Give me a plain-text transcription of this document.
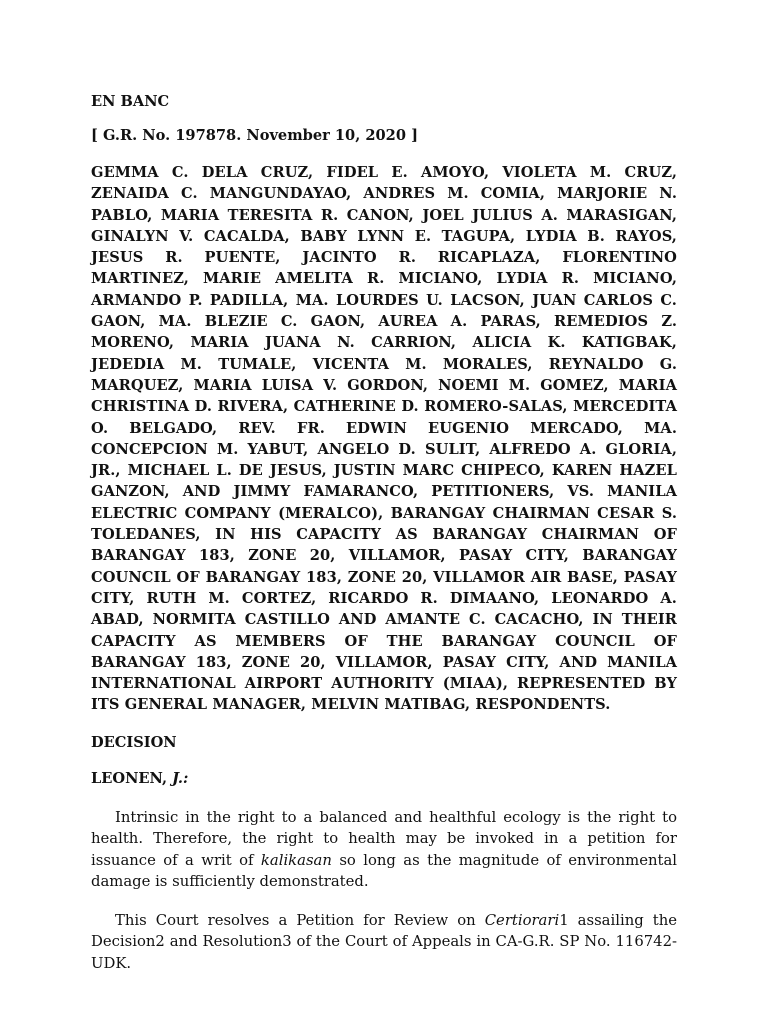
EN BANC

[ G.R. No. 197878. November 10, 2020 ]

GEMMA C. DELA CRUZ, FIDEL E. AMOYO, VIOLETA M. CRUZ, ZENAIDA C. MANGUNDAYAO, ANDRES M. COMIA, MARJORIE N. PABLO, MARIA TERESITA R. CANON, JOEL JULIUS A. MARASIGAN, GINALYN V. CACALDA, BABY LYNN E. TAGUPA, LYDIA B. RAYOS, JESUS R. PUENTE, JACINTO R. RICAPLAZA, FLORENTINO MARTINEZ, MARIE AMELITA R. MICIANO, LYDIA R. MICIANO, ARMANDO P. PADILLA, MA. LOURDES U. LACSON, JUAN CARLOS C. GAON, MA. BLEZIE C. GAON, AUREA A. PARAS, REMEDIOS Z. MORENO, MARIA JUANA N. CARRION, ALICIA K. KATIGBAK, JEDEDIA M. TUMALE, VICENTA M. MORALES, REYNALDO G. MARQUEZ, MARIA LUISA V. GORDON, NOEMI M. GOMEZ, MARIA CHRISTINA D. RIVERA, CATHERINE D. ROMERO-SALAS, MERCEDITA O. BELGADO, REV. FR. EDWIN EUGENIO MERCADO, MA. CONCEPCION M. YABUT, ANGELO D. SULIT, ALFREDO A. GLORIA, JR., MICHAEL L. DE JESUS, JUSTIN MARC CHIPECO, KAREN HAZEL GANZON, AND JIMMY FAMARANCO, PETITIONERS, VS. MANILA ELECTRIC COMPANY (MERALCO), BARANGAY CHAIRMAN CESAR S. TOLEDANES, IN HIS CAPACITY AS BARANGAY CHAIRMAN OF BARANGAY 183, ZONE 20, VILLAMOR, PASAY CITY, BARANGAY COUNCIL OF BARANGAY 183, ZONE 20, VILLAMOR AIR BASE, PASAY CITY, RUTH M. CORTEZ, RICARDO R. DIMAANO, LEONARDO A. ABAD, NORMITA CASTILLO AND AMANTE C. CACACHO, IN THEIR CAPACITY AS MEMBERS OF THE BARANGAY COUNCIL OF BARANGAY 183, ZONE 20, VILLAMOR, PASAY CITY, AND MANILA INTERNATIONAL AIRPORT AUTHORITY (MIAA), REPRESENTED BY ITS GENERAL MANAGER, MELVIN MATIBAG, RESPONDENTS.

DECISION

LEONEN, J.:

Intrinsic in the right to a balanced and healthful ecology is the right to health. Therefore, the right to health may be invoked in a petition for issuance of a writ of kalikasan so long as the magnitude of environmental damage is sufficiently demonstrated.

This Court resolves a Petition for Review on Certiorari1 assailing the Decision2 and Resolution3 of the Court of Appeals in CA-G.R. SP No. 116742-UDK.
